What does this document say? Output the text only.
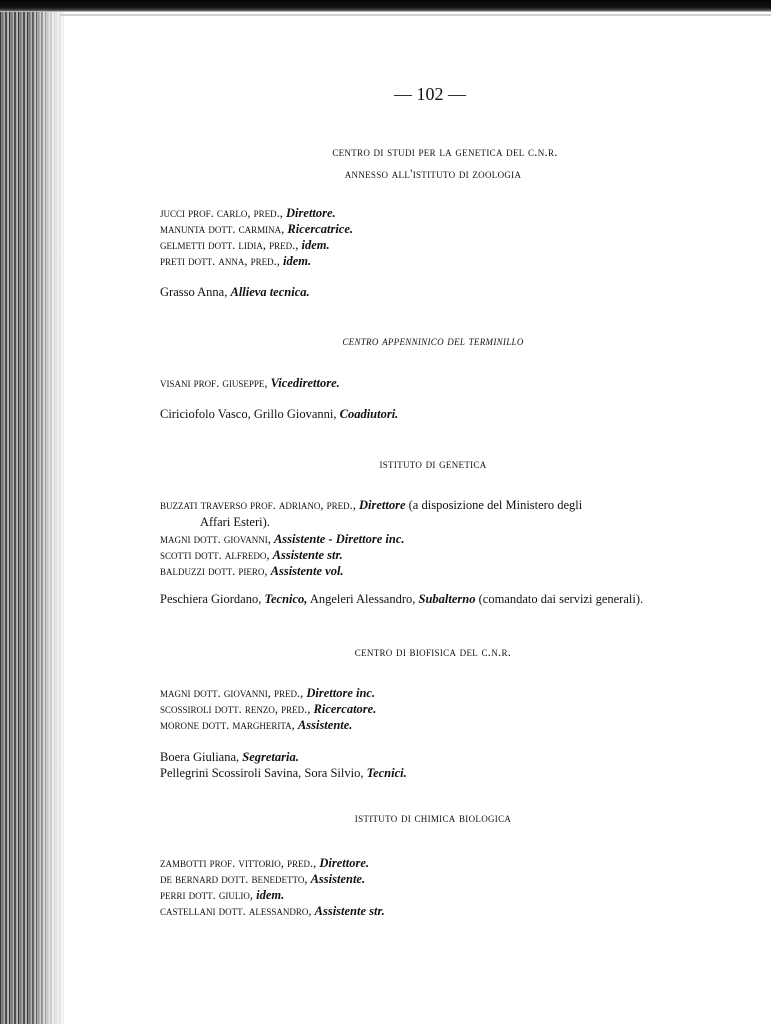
— 102 —
centro di studi per la genetica del c.n.r.
annesso all'istituto di zoologia
jucci prof. carlo, pred., Direttore.
manunta dott. carmina, Ricercatrice.
gelmetti dott. lidia, pred., idem.
preti dott. anna, pred., idem.
Grasso Anna, Allieva tecnica.
centro appenninico del terminillo
visani prof. giuseppe, Vicedirettore.
Ciriciofolo Vasco, Grillo Giovanni, Coadiutori.
istituto di genetica
buzzati traverso prof. adriano, pred., Direttore (a disposizione del Ministero degli
Affari Esteri).
magni dott. giovanni, Assistente - Direttore inc.
scotti dott. alfredo, Assistente str.
balduzzi dott. piero, Assistente vol.
Peschiera Giordano, Tecnico, Angeleri Alessandro, Subalterno (comandato dai servizi generali).
centro di biofisica del c.n.r.
magni dott. giovanni, pred., Direttore inc.
scossiroli dott. renzo, pred., Ricercatore.
morone dott. margherita, Assistente.
Boera Giuliana, Segretaria.
Pellegrini Scossiroli Savina, Sora Silvio, Tecnici.
istituto di chimica biologica
zambotti prof. vittorio, pred., Direttore.
de bernard dott. benedetto, Assistente.
perri dott. giulio, idem.
castellani dott. alessandro, Assistente str.
